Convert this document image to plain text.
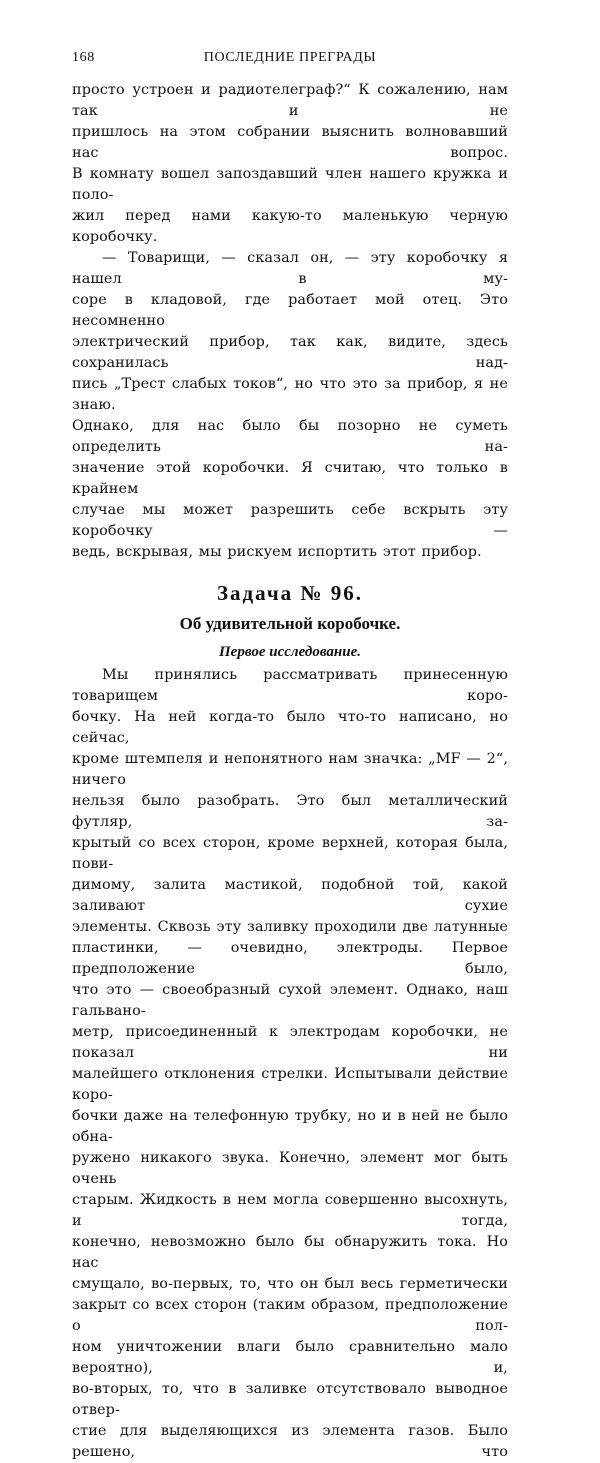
168	ПОСЛЕДНИЕ ПРЕГРАДЫ

просто устроен и радиотелеграф?“ К сожалению, нам так и не

пришлось на этом собрании выяснить волновавший нас вопрос.

В комнату вошел запоздавший член нашего кружка и поло-

жил перед нами какую-то маленькую черную коробочку.

— Товарищи, — сказал он, — эту коробочку я нашел в му-

соре в кладовой, где работает мой отец. Это несомненно

электрический прибор, так как, видите, здесь сохранилась над-

пись „Трест слабых токов“, но что это за прибор, я не знаю.

Однако, для нас было бы позорно не суметь определить на-

значение этой коробочки. Я считаю, что только в крайнем

случае мы может разрешить себе вскрыть эту коробочку —

ведь, вскрывая, мы рискуем испортить этот прибор.

Задача № 96.
Об удивительной коробочке.
Первое исследование.

Мы принялись рассматривать принесенную товарищем коро-

бочку. На ней когда-то было что-то написано, но сейчас,

кроме штемпеля и непонятного нам значка: „MF — 2“, ничего

нельзя было разобрать. Это был металлический футляр, за-

крытый со всех сторон, кроме верхней, которая была, пови-

димому, залита мастикой, подобной той, какой заливают сухие

элементы. Сквозь эту заливку проходили две латунные

пластинки, — очевидно, электроды. Первое предположение было,

что это — своеобразный сухой элемент. Однако, наш гальвано-

метр, присоединенный к электродам коробочки, не показал ни

малейшего отклонения стрелки. Испытывали действие коро-

бочки даже на телефонную трубку, но и в ней не было обна-

ружено никакого звука. Конечно, элемент мог быть очень

старым. Жидкость в нем могла совершенно высохнуть, и тогда,

конечно, невозможно было бы обнаружить тока. Но нас

смущало, во-первых, то, что он был весь герметически

закрыт со всех сторон (таким образом, предположение о пол-

ном уничтожении влаги было сравнительно мало вероятно), и,

во-вторых, то, что в заливке отсутствовало выводное отвер-

стие для выделяющихся из элемента газов. Было решено, что
